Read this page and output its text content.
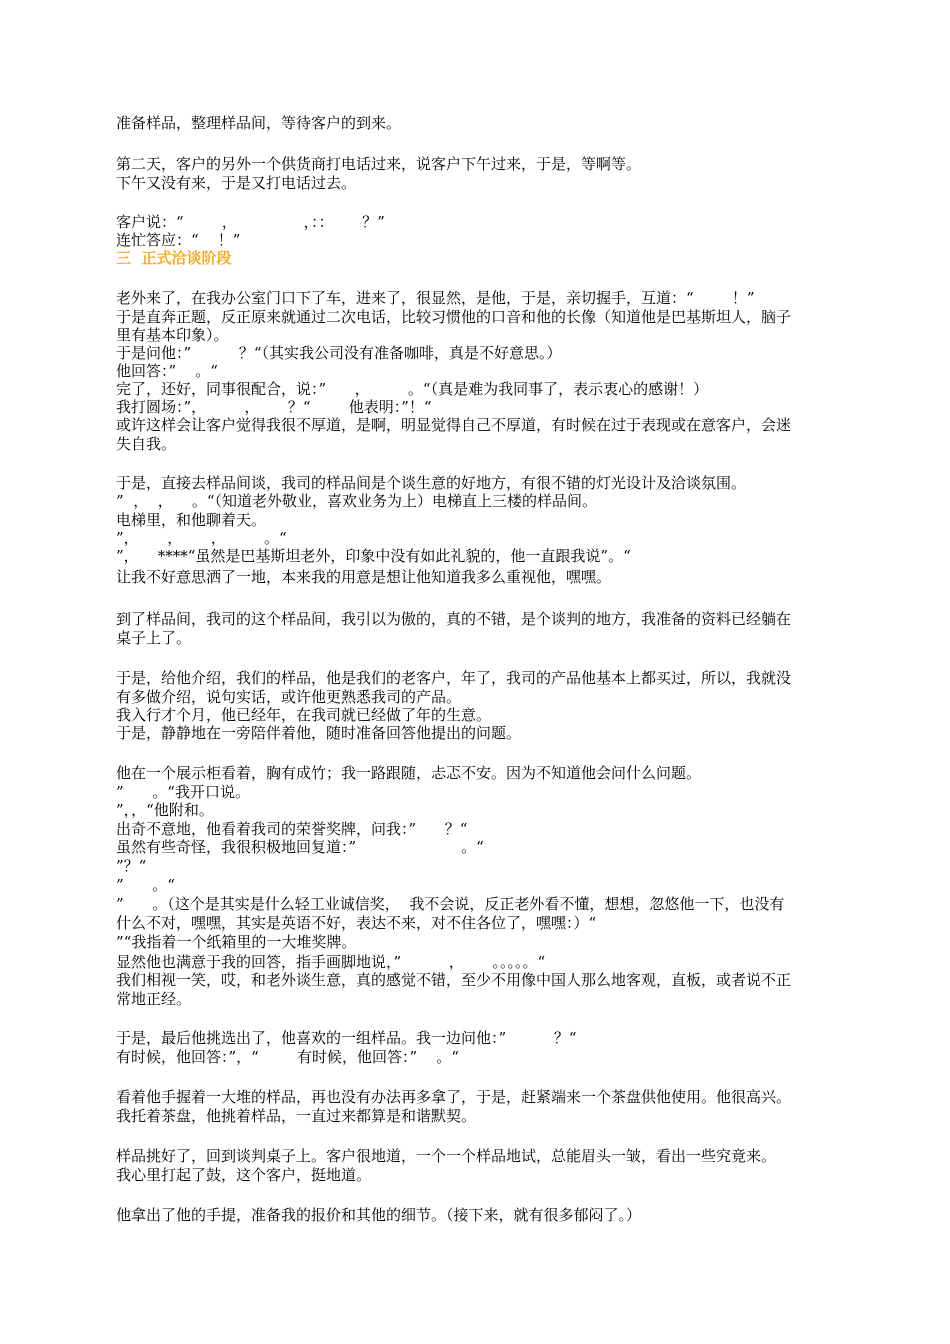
准备样品，整理样品间，等待客户的到来。
第二天，客户的另外一个供货商打电话过来，说客户下午过来，于是，等啊等。
下午又没有来，于是又打电话过去。
客户说：“        ，              ，：：      ？”
连忙答应：“    ！”
三  正式洽谈阶段
老外来了，在我办公室门口下了车，进来了，很显然，是他，于是，亲切握手，互道：“        ！”
于是直奔正题，反正原来就通过二次电话，比较习惯他的口音和他的长像（知道他是巴基斯坦人，脑子
里有基本印象）。
于是问他：”          ？“（其实我公司没有准备咖啡，真是不好意思。）
他回答：”    。“
完了，还好，同事很配合，说：”      ，        。“（真是难为我同事了，表示衷心的感谢！）
我打圆场：”，        ，      ？“        他表明：”！“
或许这样会让客户觉得我很不厚道，是啊，明显觉得自己不厚道，有时候在过于表现或在意客户，会迷
失自我。
于是，直接去样品间谈，我司的样品间是个谈生意的好地方，有很不错的灯光设计及洽谈氛围。
”  ，  ，    。“（知道老外敬业，喜欢业务为上）电梯直上三楼的样品间。
电梯里，和他聊着天。
”，      ，      ，        。“
”，    ****“虽然是巴基斯坦老外，印象中没有如此礼貌的，他一直跟我说”。“
让我不好意思洒了一地，本来我的用意是想让他知道我多么重视他，嘿嘿。
到了样品间，我司的这个样品间，我引以为傲的，真的不错，是个谈判的地方，我准备的资料已经躺在
桌子上了。
于是，给他介绍，我们的样品，他是我们的老客户，年了，我司的产品他基本上都买过，所以，我就没
有多做介绍，说句实话，或许他更熟悉我司的产品。
我入行才个月，他已经年，在我司就已经做了年的生意。
于是，静静地在一旁陪伴着他，随时准备回答他提出的问题。
他在一个展示柜看着，胸有成竹；我一路跟随，忐忑不安。因为不知道他会问什么问题。
”      。“我开口说。
”，，“他附和。
出奇不意地，他看着我司的荣誉奖牌，问我：”      ？“
虽然有些奇怪，我很积极地回复道：”                      。“
”？“
”      。“
”      。（这个是其实是什么轻工业诚信奖，  我不会说，反正老外看不懂，想想，忽悠他一下，也没有
什么不对，嘿嘿，其实是英语不好，表达不来，对不住各位了，嘿嘿：）“
”“我指着一个纸箱里的一大堆奖牌。
显然他也满意于我的回答，指手画脚地说，”          ，      。。。。。“
我们相视一笑，哎，和老外谈生意，真的感觉不错，至少不用像中国人那么地客观，直板，或者说不正
常地正经。
于是，最后他挑选出了，他喜欢的一组样品。我一边问他：”          ？“
有时候，他回答：”，“        有时候，他回答：”    。“
看着他手握着一大堆的样品，再也没有办法再多拿了，于是，赶紧端来一个茶盘供他使用。他很高兴。
我托着茶盘，他挑着样品，一直过来都算是和谐默契。
样品挑好了，回到谈判桌子上。客户很地道，一个一个样品地试，总能眉头一皱，看出一些究竟来。
我心里打起了鼓，这个客户，挺地道。
他拿出了他的手提，准备我的报价和其他的细节。（接下来，就有很多郁闷了。）
